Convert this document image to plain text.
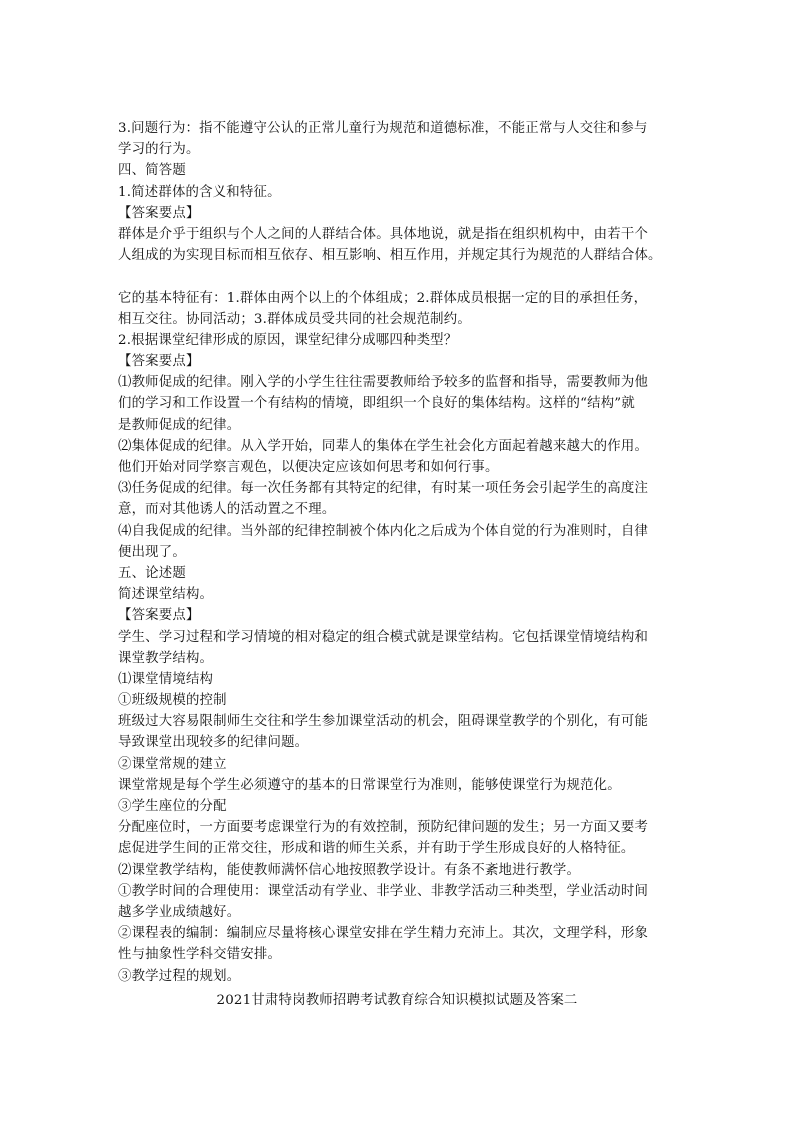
3.问题行为：指不能遵守公认的正常儿童行为规范和道德标准，不能正常与人交往和参与
学习的行为。
四、简答题
1.简述群体的含义和特征。
【答案要点】
群体是介乎于组织与个人之间的人群结合体。具体地说，就是指在组织机构中，由若干个
人组成的为实现目标而相互依存、相互影响、相互作用，并规定其行为规范的人群结合体。
它的基本特征有：1.群体由两个以上的个体组成；2.群体成员根据一定的目的承担任务，
相互交往。协同活动；3.群体成员受共同的社会规范制约。
2.根据课堂纪律形成的原因，课堂纪律分成哪四种类型？
【答案要点】
⑴教师促成的纪律。刚入学的小学生往往需要教师给予较多的监督和指导，需要教师为他
们的学习和工作设置一个有结构的情境，即组织一个良好的集体结构。这样的“结构”就
是教师促成的纪律。
⑵集体促成的纪律。从入学开始，同辈人的集体在学生社会化方面起着越来越大的作用。
他们开始对同学察言观色，以便决定应该如何思考和如何行事。
⑶任务促成的纪律。每一次任务都有其特定的纪律，有时某一项任务会引起学生的高度注
意，而对其他诱人的活动置之不理。
⑷自我促成的纪律。当外部的纪律控制被个体内化之后成为个体自觉的行为准则时，自律
便出现了。
五、论述题
简述课堂结构。
【答案要点】
学生、学习过程和学习情境的相对稳定的组合模式就是课堂结构。它包括课堂情境结构和
课堂教学结构。
⑴课堂情境结构
①班级规模的控制
班级过大容易限制师生交往和学生参加课堂活动的机会，阻碍课堂教学的个别化，有可能
导致课堂出现较多的纪律问题。
②课堂常规的建立
课堂常规是每个学生必须遵守的基本的日常课堂行为准则，能够使课堂行为规范化。
③学生座位的分配
分配座位时，一方面要考虑课堂行为的有效控制，预防纪律问题的发生；另一方面又要考
虑促进学生间的正常交往，形成和谐的师生关系，并有助于学生形成良好的人格特征。
⑵课堂教学结构，能使教师满怀信心地按照教学设计。有条不紊地进行教学。
①教学时间的合理使用：课堂活动有学业、非学业、非教学活动三种类型，学业活动时间
越多学业成绩越好。
②课程表的编制：编制应尽量将核心课堂安排在学生精力充沛上。其次，文理学科，形象
性与抽象性学科交错安排。
③教学过程的规划。
2021甘肃特岗教师招聘考试教育综合知识模拟试题及答案二
